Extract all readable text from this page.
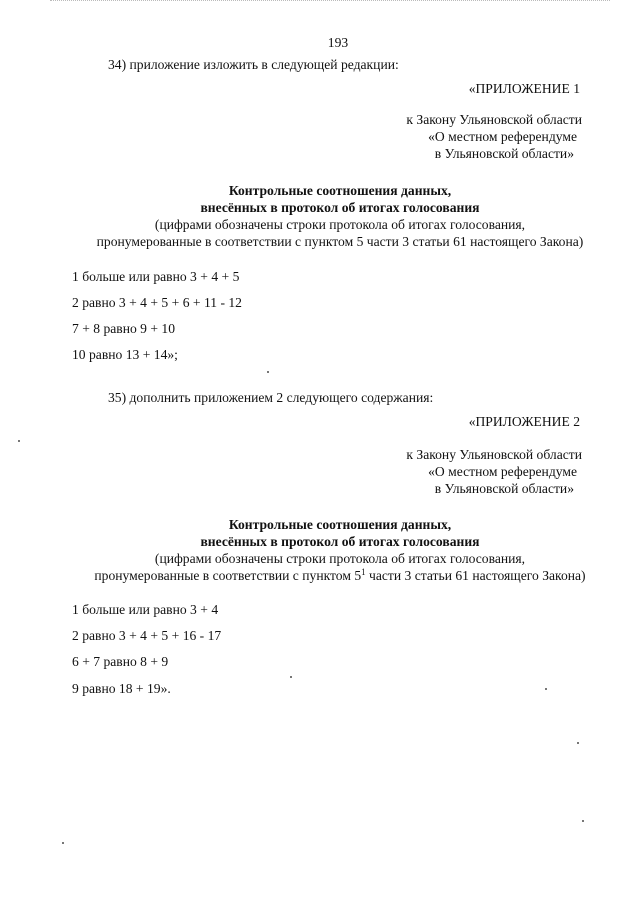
193
34) приложение изложить в следующей редакции:
«ПРИЛОЖЕНИЕ 1
к Закону Ульяновской области
«О местном референдуме
в Ульяновской области»
Контрольные соотношения данных,
внесённых в протокол об итогах голосования
(цифрами обозначены строки протокола об итогах голосования,
пронумерованные в соответствии с пунктом 5 части 3 статьи 61 настоящего Закона)
1 больше или равно 3 + 4 + 5
2 равно 3 + 4 + 5 + 6 + 11 - 12
7 + 8 равно 9 + 10
10 равно 13 + 14»;
35) дополнить приложением 2 следующего содержания:
«ПРИЛОЖЕНИЕ 2
к Закону Ульяновской области
«О местном референдуме
в Ульяновской области»
Контрольные соотношения данных,
внесённых в протокол об итогах голосования
(цифрами обозначены строки протокола об итогах голосования,
пронумерованные в соответствии с пунктом $5^1$ части 3 статьи 61 настоящего Закона)
1 больше или равно 3 + 4
2 равно 3 + 4 + 5 + 16 - 17
6 + 7 равно 8 + 9
9 равно 18 + 19».
